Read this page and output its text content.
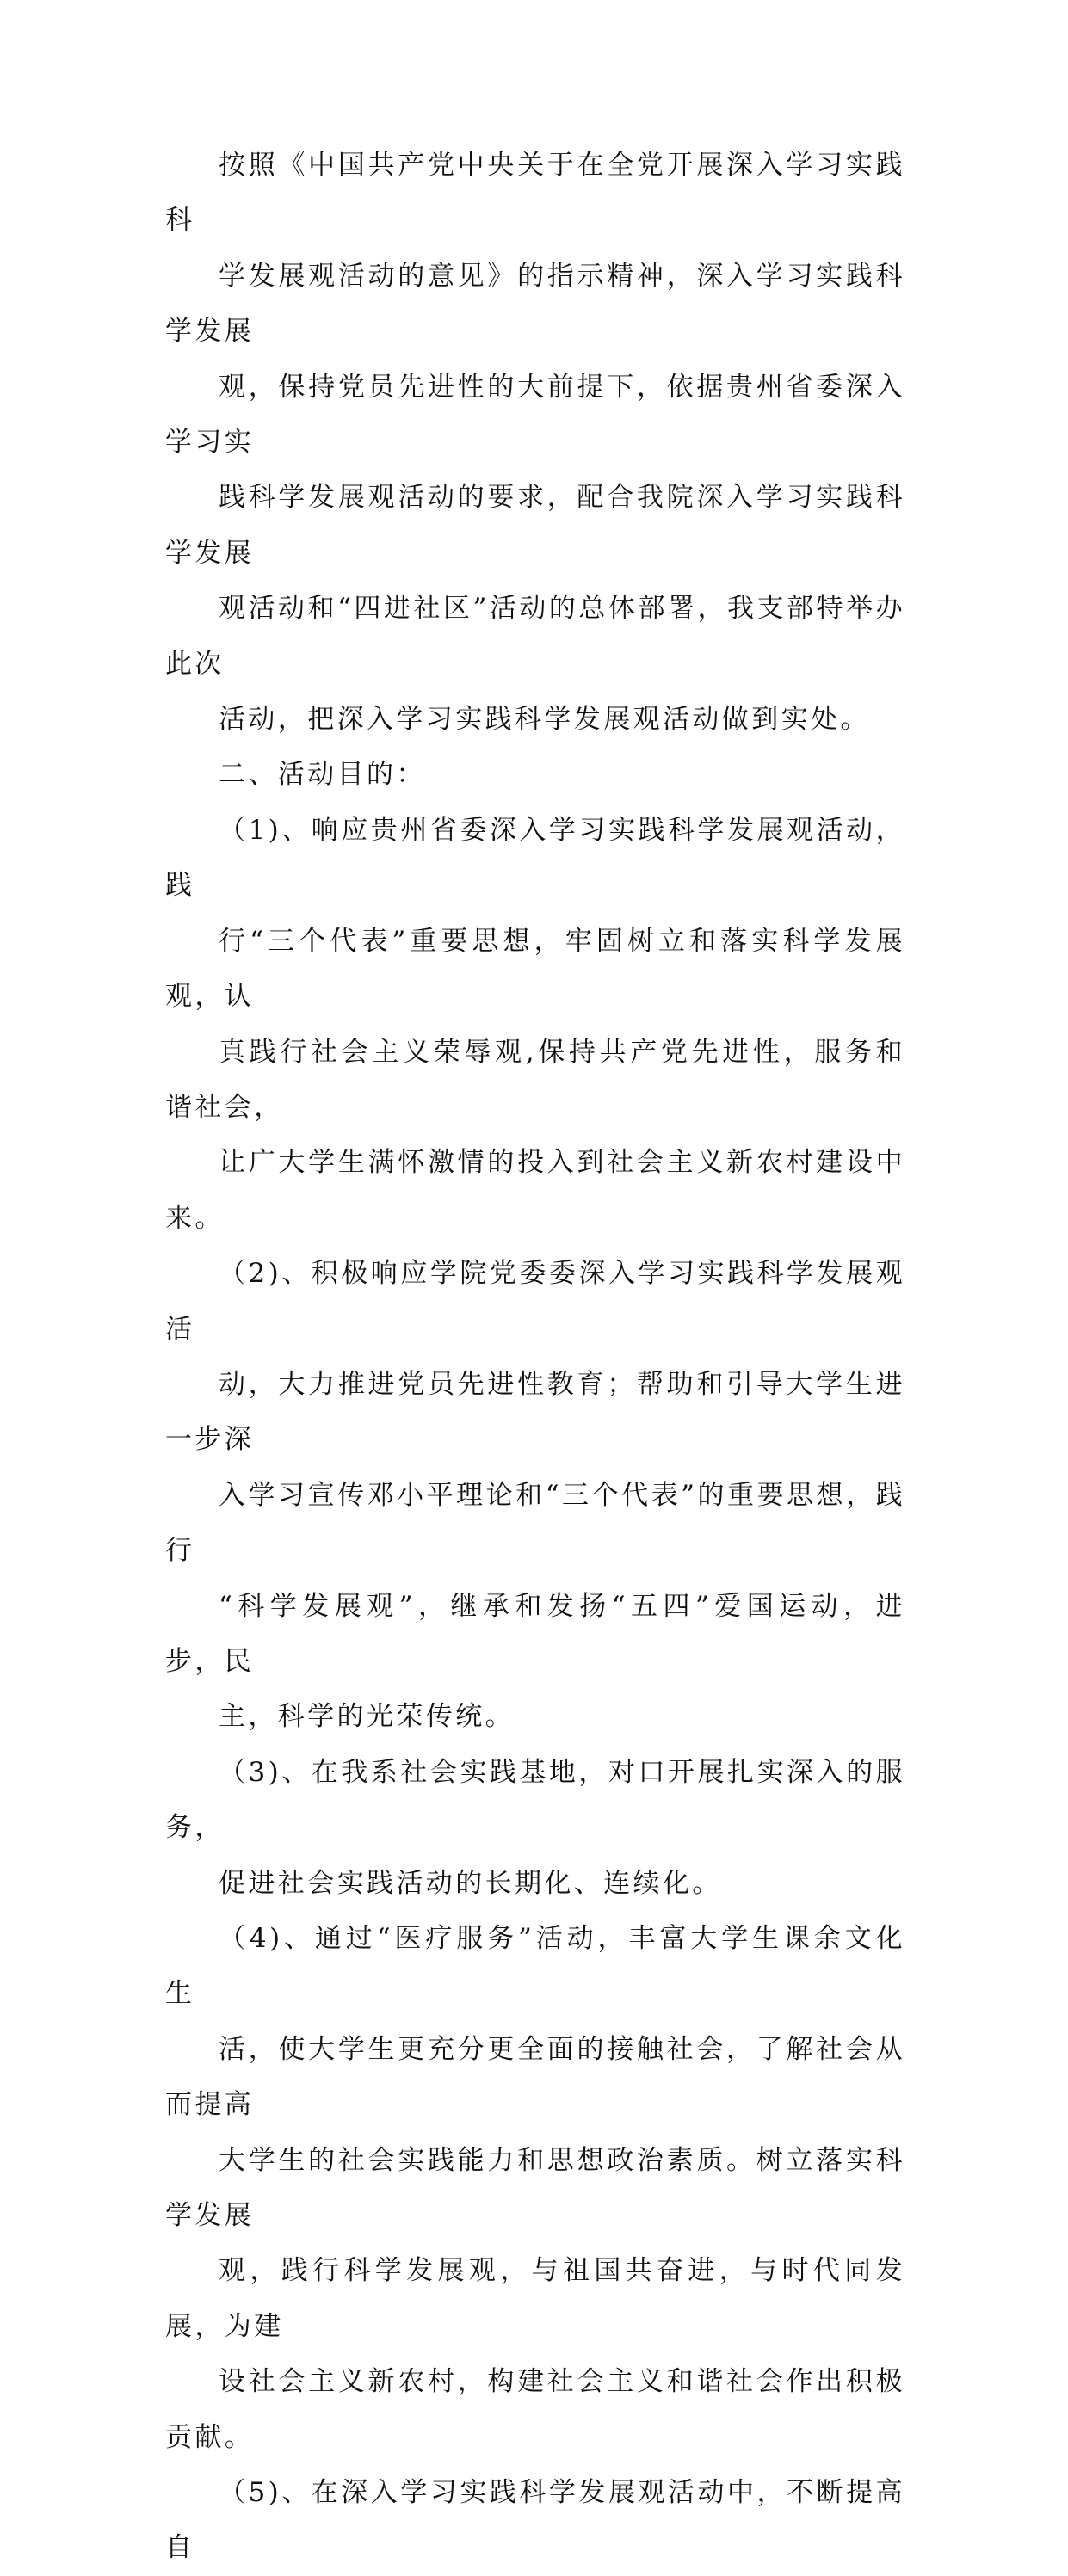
按照《中国共产党中央关于在全党开展深入学习实践科
学发展观活动的意见》的指示精神，深入学习实践科学发展
观，保持党员先进性的大前提下，依据贵州省委深入学习实
践科学发展观活动的要求，配合我院深入学习实践科学发展
观活动和“四进社区”活动的总体部署，我支部特举办此次
活动，把深入学习实践科学发展观活动做到实处。

二、活动目的：

（1)、响应贵州省委深入学习实践科学发展观活动，践
行“三个代表”重要思想，牢固树立和落实科学发展观，认
真践行社会主义荣辱观,保持共产党先进性，服务和谐社会，
让广大学生满怀激情的投入到社会主义新农村建设中来。

（2)、积极响应学院党委委深入学习实践科学发展观活
动，大力推进党员先进性教育；帮助和引导大学生进一步深
入学习宣传邓小平理论和“三个代表”的重要思想，践行
“科学发展观”，继承和发扬“五四”爱国运动，进步，民
主，科学的光荣传统。

（3)、在我系社会实践基地，对口开展扎实深入的服务，
促进社会实践活动的长期化、连续化。

（4)、通过“医疗服务”活动，丰富大学生课余文化生
活，使大学生更充分更全面的接触社会，了解社会从而提高
大学生的社会实践能力和思想政治素质。树立落实科学发展
观，践行科学发展观，与祖国共奋进，与时代同发展，为建
设社会主义新农村，构建社会主义和谐社会作出积极贡献。

（5)、在深入学习实践科学发展观活动中，不断提高自
